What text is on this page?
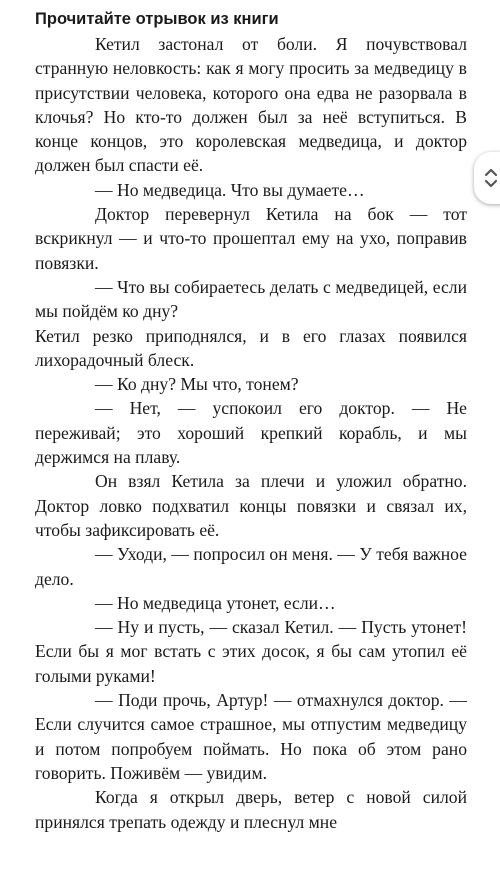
Прочитайте отрывок из книги

Кетил застонал от боли. Я почувствовал странную неловкость: как я могу просить за медведицу в присутствии человека, которого она едва не разорвала в клочья? Но кто-то должен был за неё вступиться. В конце концов, это королевская медведица, и доктор должен был спасти её.

— Но медведица. Что вы думаете…

Доктор перевернул Кетила на бок — тот вскрикнул — и что-то прошептал ему на ухо, поправив повязки.

— Что вы собираетесь делать с медведицей, если мы пойдём ко дну?

Кетил резко приподнялся, и в его глазах появился лихорадочный блеск.

— Ко дну? Мы что, тонем?

— Нет, — успокоил его доктор. — Не переживай; это хороший крепкий корабль, и мы держимся на плаву.

Он взял Кетила за плечи и уложил обратно. Доктор ловко подхватил концы повязки и связал их, чтобы зафиксировать её.

— Уходи, — попросил он меня. — У тебя важное дело.

— Но медведица утонет, если…

— Ну и пусть, — сказал Кетил. — Пусть утонет! Если бы я мог встать с этих досок, я бы сам утопил её голыми руками!

— Поди прочь, Артур! — отмахнулся доктор. — Если случится самое страшное, мы отпустим медведицу и потом попробуем поймать. Но пока об этом рано говорить. Поживём — увидим.

Когда я открыл дверь, ветер с новой силой принялся трепать одежду и плеснул мне
